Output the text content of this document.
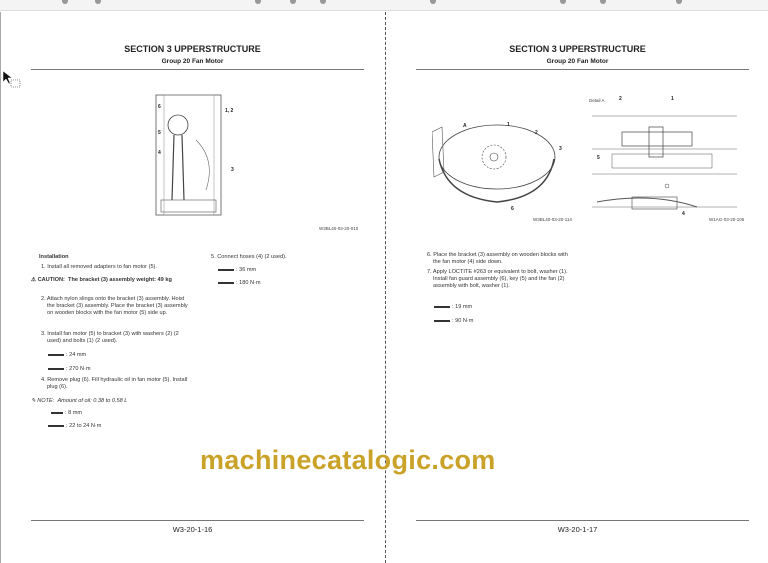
SECTION 3 UPPERSTRUCTURE
Group 20 Fan Motor
6
1, 2
5
4
3
W3BL40-03-20-010
Installation
1. Install all removed adapters to fan motor (5).
⚠ CAUTION: The bracket (3) assembly weight: 49 kg
2. Attach nylon slings onto the bracket (3) assembly. Hoist the bracket (3) assembly. Place the bracket (3) assembly on wooden blocks with the fan motor (5) side up.
3. Install fan motor (5) to bracket (3) with washers (2) (2 used) and bolts (1) (2 used).
: 24 mm
: 270 N·m
4. Remove plug (6). Fill hydraulic oil in fan motor (5). Install plug (6).
✎ NOTE: Amount of oil: 0.38 to 0.58 L
: 8 mm
: 22 to 24 N·m
5. Connect hoses (4) (2 used).
: 36 mm
: 180 N·m
W3-20-1-16
SECTION 3 UPPERSTRUCTURE
Group 20 Fan Motor
A	1
2
3
6
W3BL40-03-20-114
Detail A	2	1
5
4
W1AG-03-20-105
6. Place the bracket (3) assembly on wooden blocks with the fan motor (4) side down.
7. Apply LOCTITE #263 or equivalent to bolt, washer (1). Install fan guard assembly (6), key (5) and the fan (2) assembly with bolt, washer (1).
: 19 mm
: 90 N·m
W3-20-1-17
machinecatalogic.com
